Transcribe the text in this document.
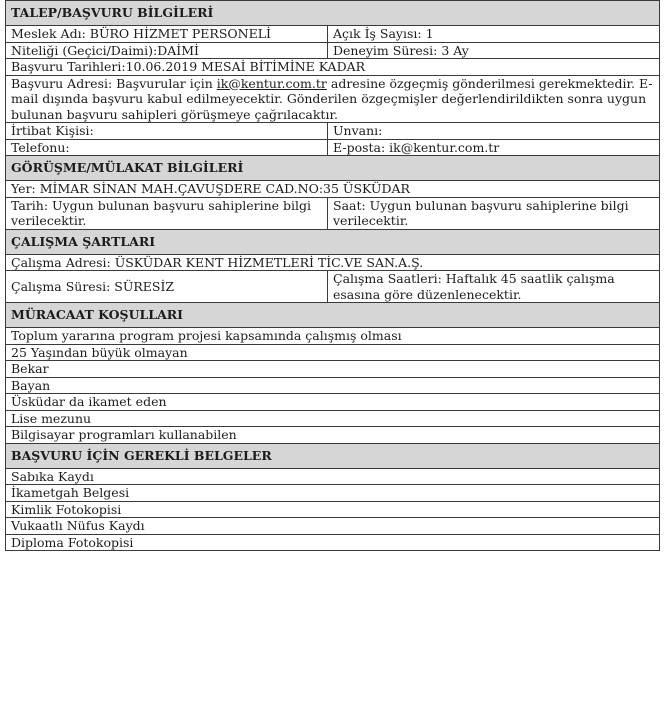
TALEP/BAŞVURU BİLGİLERİ	
Meslek Adı: BÜRO HİZMET PERSONELİ	Açık İş Sayısı: 1
Niteliği (Geçici/Daimi):DAİMİ	Deneyim Süresi: 3 Ay
Başvuru Tarihleri:10.06.2019 MESAİ BİTİMİNE KADAR	
Başvuru Adresi: Başvurular için ik@kentur.com.tr adresine özgeçmiş gönderilmesi gerekmektedir. E-mail dışında başvuru kabul edilmeyecektir. Gönderilen özgeçmişler değerlendirildikten sonra uygun bulunan başvuru sahipleri görüşmeye çağrılacaktır.	
İrtibat Kişisi:	Unvanı:
Telefonu:	E-posta: ik@kentur.com.tr
GÖRÜŞME/MÜLAKAT BİLGİLERİ	
Yer: MİMAR SİNAN MAH.ÇAVUŞDERE CAD.NO:35 ÜSKÜDAR	
Tarih: Uygun bulunan başvuru sahiplerine bilgi verilecektir.	Saat: Uygun bulunan başvuru sahiplerine bilgi verilecektir.
ÇALIŞMA ŞARTLARI	
Çalışma Adresi: ÜSKÜDAR KENT HİZMETLERİ TİC.VE SAN.A.Ş.	
Çalışma Süresi: SÜRESİZ	Çalışma Saatleri: Haftalık 45 saatlik çalışma esasına göre düzenlenecektir.
MÜRACAAT KOŞULLARI	
Toplum yararına program projesi kapsamında çalışmış olması	
25 Yaşından büyük olmayan	
Bekar	
Bayan	
Üsküdar da ikamet eden	
Lise mezunu	
Bilgisayar programları kullanabilen	
BAŞVURU İÇİN GEREKLİ BELGELER	
Sabıka Kaydı	
İkametgah Belgesi	
Kimlik Fotokopisi	
Vukaatlı Nüfus Kaydı	
Diploma Fotokopisi	
